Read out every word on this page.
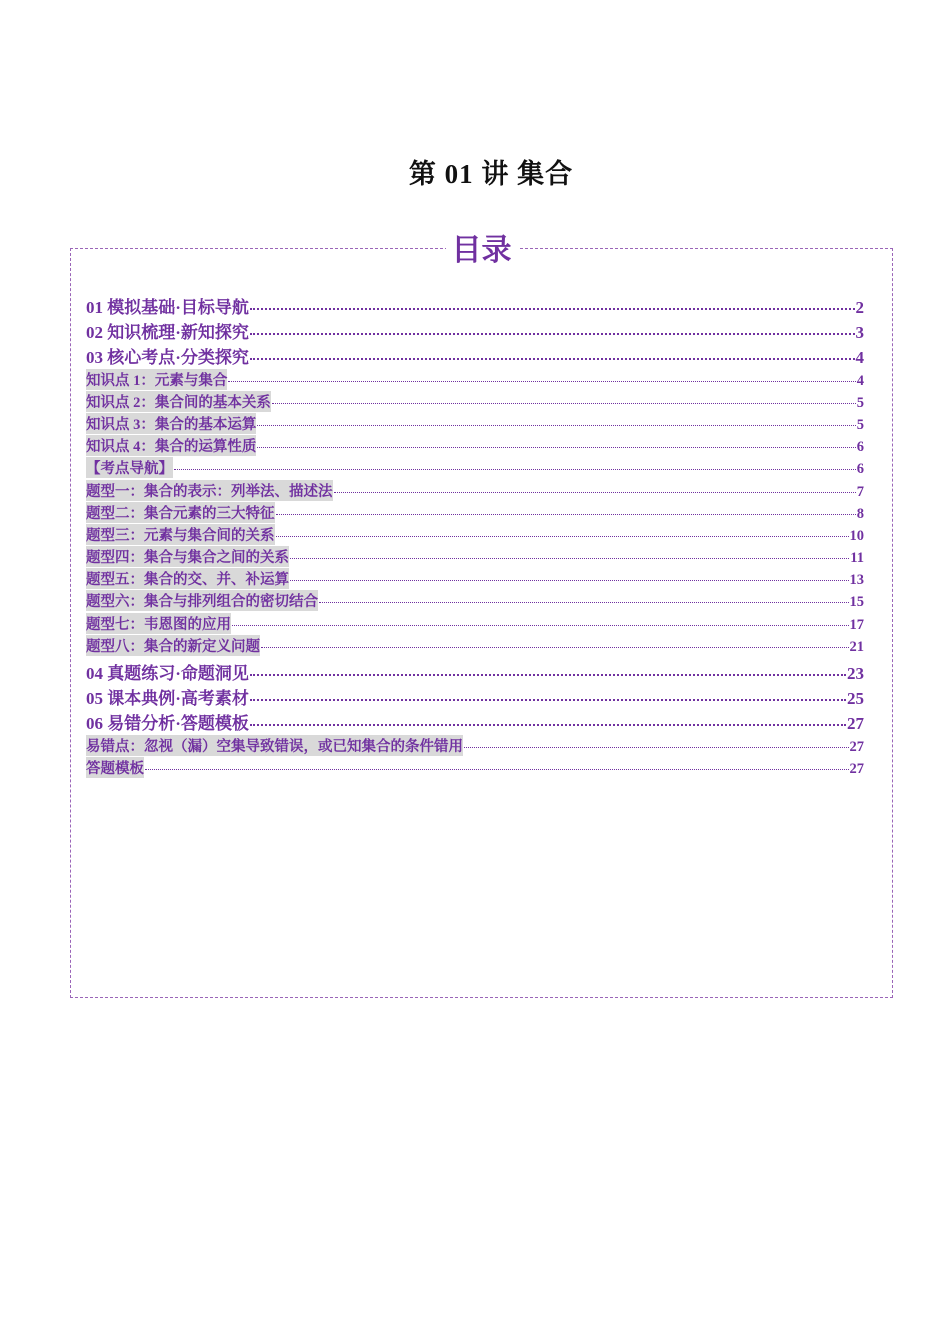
第 01 讲 集合
目录
01 模拟基础·目标导航	2
02 知识梳理·新知探究	3
03 核心考点·分类探究	4
知识点 1：元素与集合	4
知识点 2：集合间的基本关系	5
知识点 3：集合的基本运算	5
知识点 4：集合的运算性质	6
【考点导航】	6
题型一：集合的表示：列举法、描述法	7
题型二：集合元素的三大特征	8
题型三：元素与集合间的关系	10
题型四：集合与集合之间的关系	11
题型五：集合的交、并、补运算	13
题型六：集合与排列组合的密切结合	15
题型七：韦恩图的应用	17
题型八：集合的新定义问题	21
04 真题练习·命题洞见	23
05 课本典例·高考素材	25
06 易错分析·答题模板	27
易错点：忽视（漏）空集导致错误，或已知集合的条件错用	27
答题模板	27
